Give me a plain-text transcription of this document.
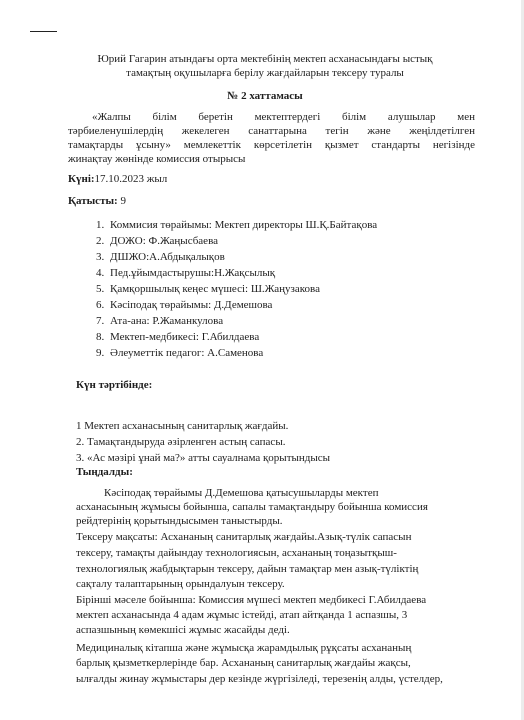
Юрий Гагарин атындағы орта мектебінің мектеп асханасындағы ыстық
тамақтың оқушыларға берілу жағдайларын тексеру туралы
№ 2 хаттамасы
«Жалпы білім беретін мектептердегі білім алушылар мен
тәрбиеленушілердің жекелеген санаттарына тегін және жеңілдетілген
тамақтарды ұсыну» мемлекеттік көрсетілетін қызмет стандарты негізінде
жинақтау жөнінде комиссия отырысы
Күні:17.10.2023 жыл
Қатысты: 9
1. Коммисия төрайымы: Мектеп директоры Ш.Қ.Байтақова
2. ДОЖО: Ф.Жаңысбаева
3. ДШЖО:А.Абдықалықов
4. Пед.ұйымдастырушы:Н.Жақсылық
5. Қамқоршылық кеңес мүшесі: Ш.Жаңузакова
6. Кәсіподақ төрайымы: Д.Демешова
7. Ата-ана: Р.Жаманкулова
8. Мектеп-медбикесі: Г.Абилдаева
9. Әлеуметтік педагог: А.Саменова
Күн тәртібінде:
1 Мектеп асханасының санитарлық жағдайы.
2. Тамақтандыруда әзірленген астың сапасы.
3. «Ас мәзірі ұнай ма?» атты сауалнама қорытындысы
Тыңдалды:
Кәсіподақ төрайымы Д.Демешова қатысушыларды мектеп
асханасының жұмысы бойынша, сапалы тамақтандыру бойынша комиссия
рейдтерінің қорытындысымен таныстырды.
Тексеру мақсаты: Асхананың санитарлық жағдайы.Азық-түлік сапасын
тексеру, тамақты дайындау технологиясын, асхананың тоңазытқыш-
технологиялық жабдықтарын тексеру, дайын тамақтар мен азық-түліктің
сақталу талаптарының орындалуын тексеру.
Бірінші мәселе бойынша: Комиссия мүшесі мектеп медбикесі Г.Абилдаева
мектеп асханасында 4 адам жұмыс істейді, атап айтқанда 1 аспазшы, 3
аспазшының көмекшісі жұмыс жасайды деді.
Медициналық кітапша және жұмысқа жарамдылық рұқсаты асхананың
барлық қызметкерлерінде бар. Асхананың санитарлық жағдайы жақсы,
ылғалды жинау жұмыстары дер кезінде жүргізіледі, терезенің алды, үстелдер,
